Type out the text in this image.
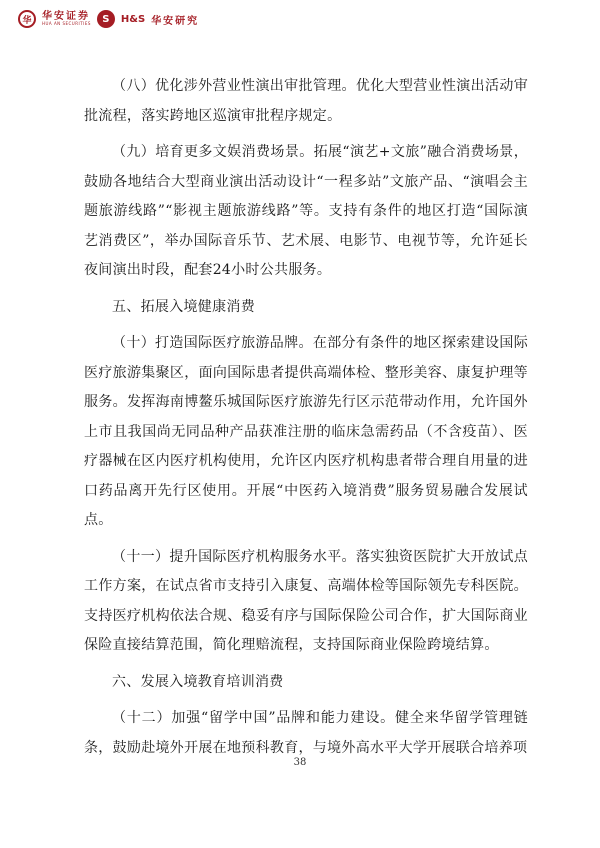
华	华安证券
HUA AN SECURITIES	S	H&S 华安研究

（八）优化涉外营业性演出审批管理。优化大型营业性演出活动审批流程，落实跨地区巡演审批程序规定。

（九）培育更多文娱消费场景。拓展“演艺+文旅”融合消费场景，鼓励各地结合大型商业演出活动设计“一程多站”文旅产品、“演唱会主题旅游线路”“影视主题旅游线路”等。支持有条件的地区打造“国际演艺消费区”，举办国际音乐节、艺术展、电影节、电视节等，允许延长夜间演出时段，配套24小时公共服务。

五、拓展入境健康消费

（十）打造国际医疗旅游品牌。在部分有条件的地区探索建设国际医疗旅游集聚区，面向国际患者提供高端体检、整形美容、康复护理等服务。发挥海南博鳌乐城国际医疗旅游先行区示范带动作用，允许国外上市且我国尚无同品种产品获准注册的临床急需药品（不含疫苗）、医疗器械在区内医疗机构使用，允许区内医疗机构患者带合理自用量的进口药品离开先行区使用。开展“中医药入境消费”服务贸易融合发展试点。

（十一）提升国际医疗机构服务水平。落实独资医院扩大开放试点工作方案，在试点省市支持引入康复、高端体检等国际领先专科医院。支持医疗机构依法合规、稳妥有序与国际保险公司合作，扩大国际商业保险直接结算范围，简化理赔流程，支持国际商业保险跨境结算。

六、发展入境教育培训消费

（十二）加强“留学中国”品牌和能力建设。健全来华留学管理链条，鼓励赴境外开展在地预科教育，与境外高水平大学开展联合培养项

38
